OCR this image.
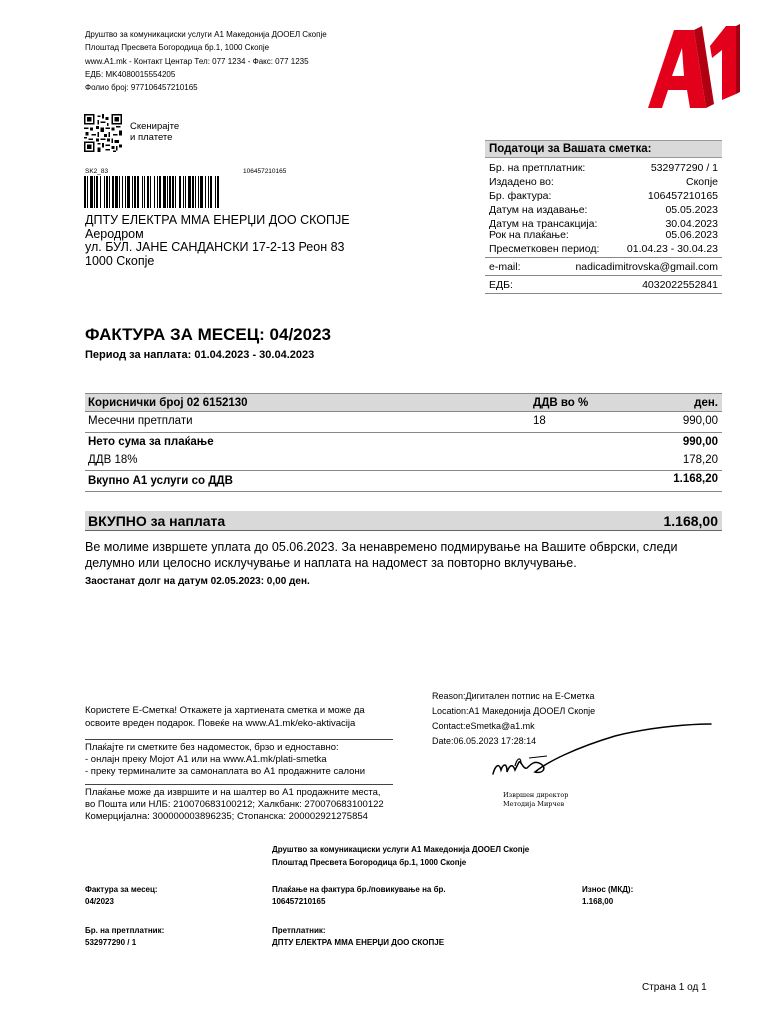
Друштво за комуникациски услуги А1 Македонија ДООЕЛ Скопје
Плоштад Пресвета Богородица бр.1, 1000 Скопје
www.A1.mk - Контакт Центар Тел: 077 1234 - Факс: 077 1235
ЕДБ: MK4080015554205
Фолио број: 977106457210165
Скенирајте
и платете
SK2_83	106457210165
ДПТУ ЕЛЕКТРА ММА ЕНЕРЏИ ДОО СКОПЈЕ
Аеродром
ул. БУЛ. ЈАНЕ САНДАНСКИ 17-2-13 Реон 83
1000 Скопје
Податоци за Вашата сметка:
Бр. на претплатник:	532977290 / 1
Издадено во:	Скопје
Бр. фактура:	106457210165
Датум на издавање:	05.05.2023
Датум на трансакција:	30.04.2023
Рок на плаќање:	05.06.2023
Пресметковен период:	01.04.23 - 30.04.23
e-mail:	nadicadimitrovska@gmail.com
ЕДБ:	4032022552841
ФАКТУРА ЗА МЕСЕЦ: 04/2023
Период за наплата: 01.04.2023 - 30.04.2023
Кориснички број 02 6152130	ДДВ во %	ден.
Месечни претплати	18	990,00
Нето сума за плаќање	990,00
ДДВ 18%	178,20
Вкупно А1 услуги со ДДВ	1.168,20
ВКУПНО за наплата	1.168,00
Ве молиме извршете уплата до 05.06.2023. За ненавремено подмирување на Вашите обврски, следи
делумно или целосно исклучување и наплата на надомест за повторно вклучување.
Заостанат долг на датум 02.05.2023: 0,00 ден.
Користете Е-Сметка! Откажете ја хартиената сметка и може да
освоите вреден подарок. Повеќе на www.A1.mk/eko-aktivacija
Плаќајте ги сметките без надоместок, брзо и едноставно:
- онлајн преку Мојот А1 или на www.A1.mk/plati-smetka
- преку терминалите за самонаплата во А1 продажните салони
Плаќање може да извршите и на шалтер во А1 продажните места,
во Пошта или НЛБ: 210070683100212; Халкбанк: 270070683100122
Комерцијална: 300000003896235; Стопанска: 200002921275854
Reason:Дигитален потпис на Е-Сметка
Location:А1 Македонија ДООЕЛ Скопје
Contact:eSmetka@a1.mk
Date:06.05.2023 17:28:14
Извршен директор
Методија Мирчев
Друштво за комуникациски услуги А1 Македонија ДООЕЛ Скопје
Плоштад Пресвета Богородица бр.1, 1000 Скопје
Фактура за месец:
04/2023
Плаќање на фактура бр./повикување на бр.
106457210165
Износ (МКД):
1.168,00
Бр. на претплатник:
532977290 / 1
Претплатник:
ДПТУ ЕЛЕКТРА ММА ЕНЕРЏИ ДОО СКОПЈЕ
Страна 1 од 1
